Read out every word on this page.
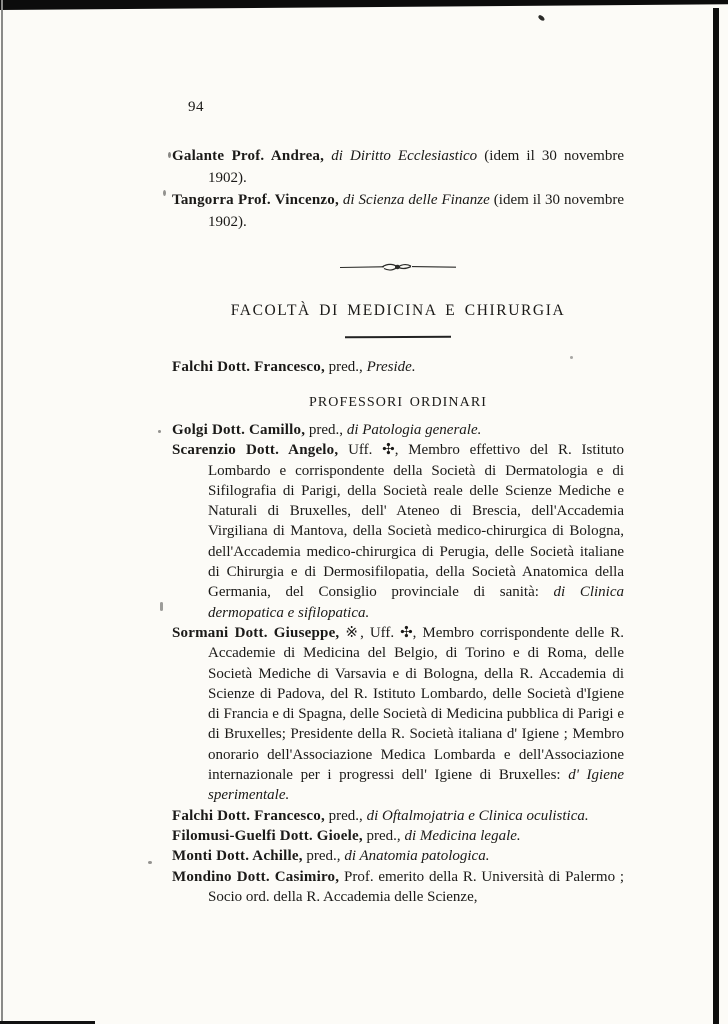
94

Galante Prof. Andrea, di Diritto Ecclesiastico (idem il 30 novembre 1902).

Tangorra Prof. Vincenzo, di Scienza delle Finanze (idem il 30 novembre 1902).

FACOLTÀ DI MEDICINA E CHIRURGIA

Falchi Dott. Francesco, pred., Preside.

PROFESSORI ORDINARI

Golgi Dott. Camillo, pred., di Patologia generale.

Scarenzio Dott. Angelo, Uff. ✣, Membro effettivo del R. Istituto Lombardo e corrispondente della Società di Dermatologia e di Sifilografia di Parigi, della Società reale delle Scienze Mediche e Naturali di Bruxelles, dell' Ateneo di Brescia, dell'Accademia Virgiliana di Mantova, della Società medico-chirurgica di Bologna, dell'Accademia medico-chirurgica di Perugia, delle Società italiane di Chirurgia e di Dermosifilopatia, della Società Anatomica della Germania, del Consiglio provinciale di sanità: di Clinica dermopatica e sifilopatica.

Sormani Dott. Giuseppe, ※, Uff. ✣, Membro corrispondente delle R. Accademie di Medicina del Belgio, di Torino e di Roma, delle Società Mediche di Varsavia e di Bologna, della R. Accademia di Scienze di Padova, del R. Istituto Lombardo, delle Società d'Igiene di Francia e di Spagna, delle Società di Medicina pubblica di Parigi e di Bruxelles; Presidente della R. Società italiana d' Igiene ; Membro onorario dell'Associazione Medica Lombarda e dell'Associazione internazionale per i progressi dell' Igiene di Bruxelles: d' Igiene sperimentale.

Falchi Dott. Francesco, pred., di Oftalmojatria e Clinica oculistica.

Filomusi-Guelfi Dott. Gioele, pred., di Medicina legale.

Monti Dott. Achille, pred., di Anatomia patologica.

Mondino Dott. Casimiro, Prof. emerito della R. Università di Palermo ; Socio ord. della R. Accademia delle Scienze,
